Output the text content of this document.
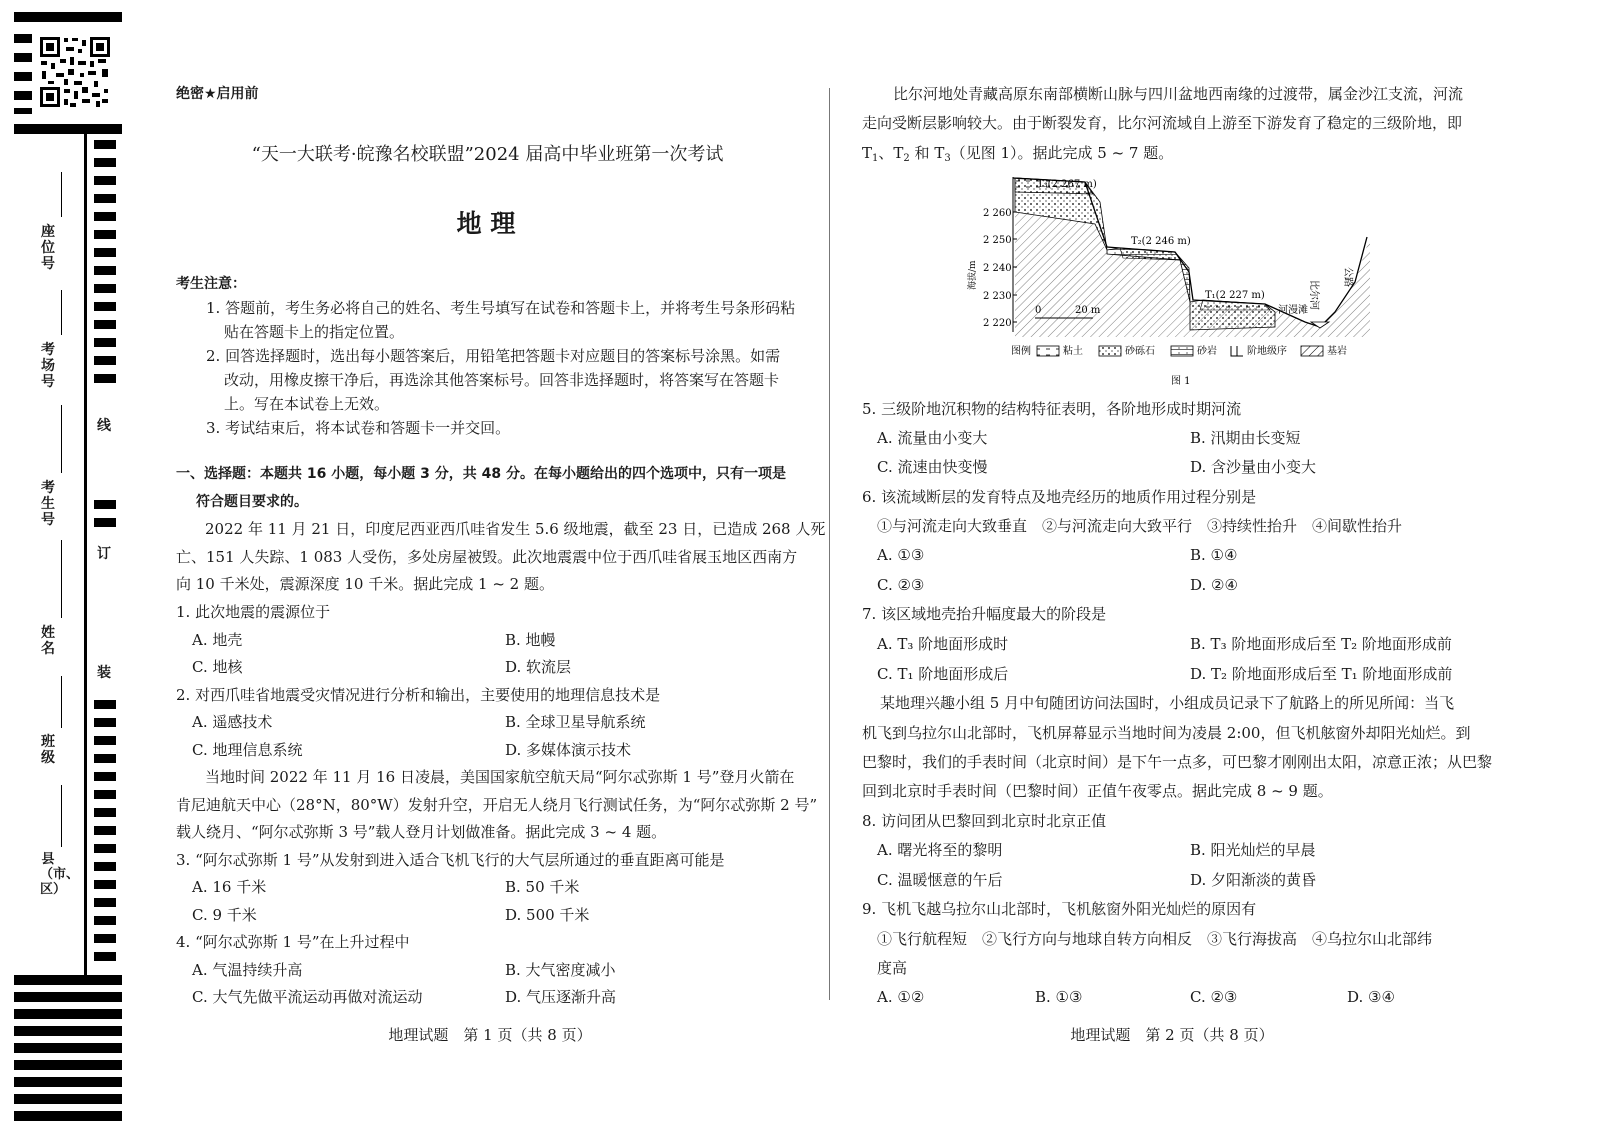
座位号
考场号
考生号
姓名
班级
县（市、区）
线
订
装
绝密★启用前
“天一大联考·皖豫名校联盟”2024 届高中毕业班第一次考试
地 理
考生注意：
1. 答题前，考生务必将自己的姓名、考生号填写在试卷和答题卡上，并将考生号条形码粘
贴在答题卡上的指定位置。
2. 回答选择题时，选出每小题答案后，用铅笔把答题卡对应题目的答案标号涂黑。如需
改动，用橡皮擦干净后，再选涂其他答案标号。回答非选择题时，将答案写在答题卡
上。写在本试卷上无效。
3. 考试结束后，将本试卷和答题卡一并交回。
一、选择题：本题共 16 小题，每小题 3 分，共 48 分。在每小题给出的四个选项中，只有一项是
符合题目要求的。
2022 年 11 月 21 日，印度尼西亚西爪哇省发生 5.6 级地震，截至 23 日，已造成 268 人死
亡、151 人失踪、1 083 人受伤，多处房屋被毁。此次地震震中位于西爪哇省展玉地区西南方
向 10 千米处，震源深度 10 千米。据此完成 1 ~ 2 题。
1. 此次地震的震源位于
A. 地壳	B. 地幔
C. 地核	D. 软流层
2. 对西爪哇省地震受灾情况进行分析和输出，主要使用的地理信息技术是
A. 遥感技术	B. 全球卫星导航系统
C. 地理信息系统	D. 多媒体演示技术
当地时间 2022 年 11 月 16 日凌晨，美国国家航空航天局“阿尔忒弥斯 1 号”登月火箭在
肯尼迪航天中心（28°N，80°W）发射升空，开启无人绕月飞行测试任务，为“阿尔忒弥斯 2 号”
载人绕月、“阿尔忒弥斯 3 号”载人登月计划做准备。据此完成 3 ~ 4 题。
3. “阿尔忒弥斯 1 号”从发射到进入适合飞机飞行的大气层所通过的垂直距离可能是
A. 16 千米	B. 50 千米
C. 9 千米	D. 500 千米
4. “阿尔忒弥斯 1 号”在上升过程中
A. 气温持续升高	B. 大气密度减小
C. 大气先做平流运动再做对流运动	D. 气压逐渐升高
地理试题　第 1 页（共 8 页）
比尔河地处青藏高原东南部横断山脉与四川盆地西南缘的过渡带，属金沙江支流，河流
走向受断层影响较大。由于断裂发育，比尔河流域自上游至下游发育了稳定的三级阶地，即
$T_1$、$T_2$ 和 $T_3$（见图 1）。据此完成 5 ~ 7 题。
2 260
2 250
2 240
2 230
2 220
海拔/m
T₃(2 267 m)
T₂(2 246 m)
T₁(2 227 m)
0	20 m	河漫滩
比尔河
公路
图例	粘土	砂砾石	砂岩	阶地级序	基岩
图 1
5. 三级阶地沉积物的结构特征表明，各阶地形成时期河流
A. 流量由小变大	B. 汛期由长变短
C. 流速由快变慢	D. 含沙量由小变大
6. 该流域断层的发育特点及地壳经历的地质作用过程分别是
①与河流走向大致垂直　②与河流走向大致平行　③持续性抬升　④间歇性抬升
A. ①③	B. ①④
C. ②③	D. ②④
7. 该区域地壳抬升幅度最大的阶段是
A. T₃ 阶地面形成时	B. T₃ 阶地面形成后至 T₂ 阶地面形成前
C. T₁ 阶地面形成后	D. T₂ 阶地面形成后至 T₁ 阶地面形成前
某地理兴趣小组 5 月中旬随团访问法国时，小组成员记录下了航路上的所见所闻：当飞
机飞到乌拉尔山北部时，飞机屏幕显示当地时间为凌晨 2:00，但飞机舷窗外却阳光灿烂。到
巴黎时，我们的手表时间（北京时间）是下午一点多，可巴黎才刚刚出太阳，凉意正浓；从巴黎
回到北京时手表时间（巴黎时间）正值午夜零点。据此完成 8 ~ 9 题。
8. 访问团从巴黎回到北京时北京正值
A. 曙光将至的黎明	B. 阳光灿烂的早晨
C. 温暖惬意的午后	D. 夕阳渐淡的黄昏
9. 飞机飞越乌拉尔山北部时，飞机舷窗外阳光灿烂的原因有
①飞行航程短　②飞行方向与地球自转方向相反　③飞行海拔高　④乌拉尔山北部纬
度高
A. ①②	B. ①③	C. ②③	D. ③④
地理试题　第 2 页（共 8 页）
